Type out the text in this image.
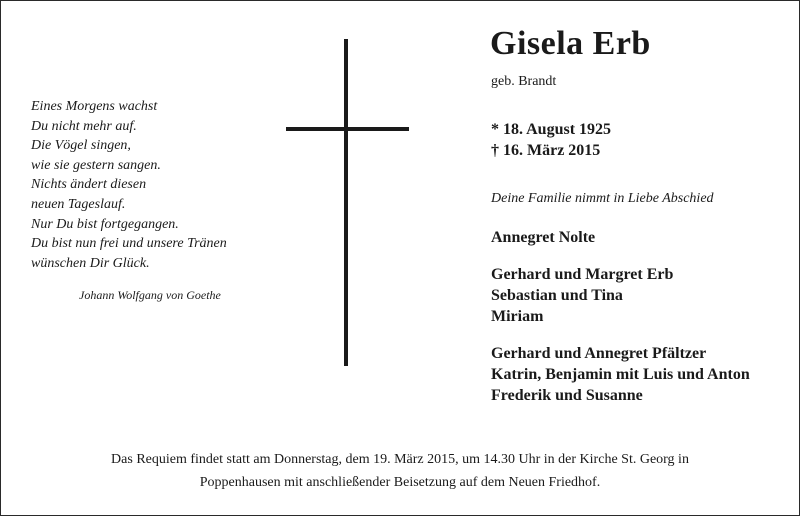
Eines Morgens wachst
Du nicht mehr auf.
Die Vögel singen,
wie sie gestern sangen.
Nichts ändert diesen
neuen Tageslauf.
Nur Du bist fortgegangen.
Du bist nun frei und unsere Tränen
wünschen Dir Glück.
Johann Wolfgang von Goethe
Gisela Erb
geb. Brandt
* 18. August 1925
† 16. März 2015
Deine Familie nimmt in Liebe Abschied
Annegret Nolte
Gerhard und Margret Erb
Sebastian und Tina
Miriam
Gerhard und Annegret Pfältzer
Katrin, Benjamin mit Luis und Anton
Frederik und Susanne
Das Requiem findet statt am Donnerstag, dem 19. März 2015, um 14.30 Uhr in der Kirche St. Georg in
Poppenhausen mit anschließender Beisetzung auf dem Neuen Friedhof.
